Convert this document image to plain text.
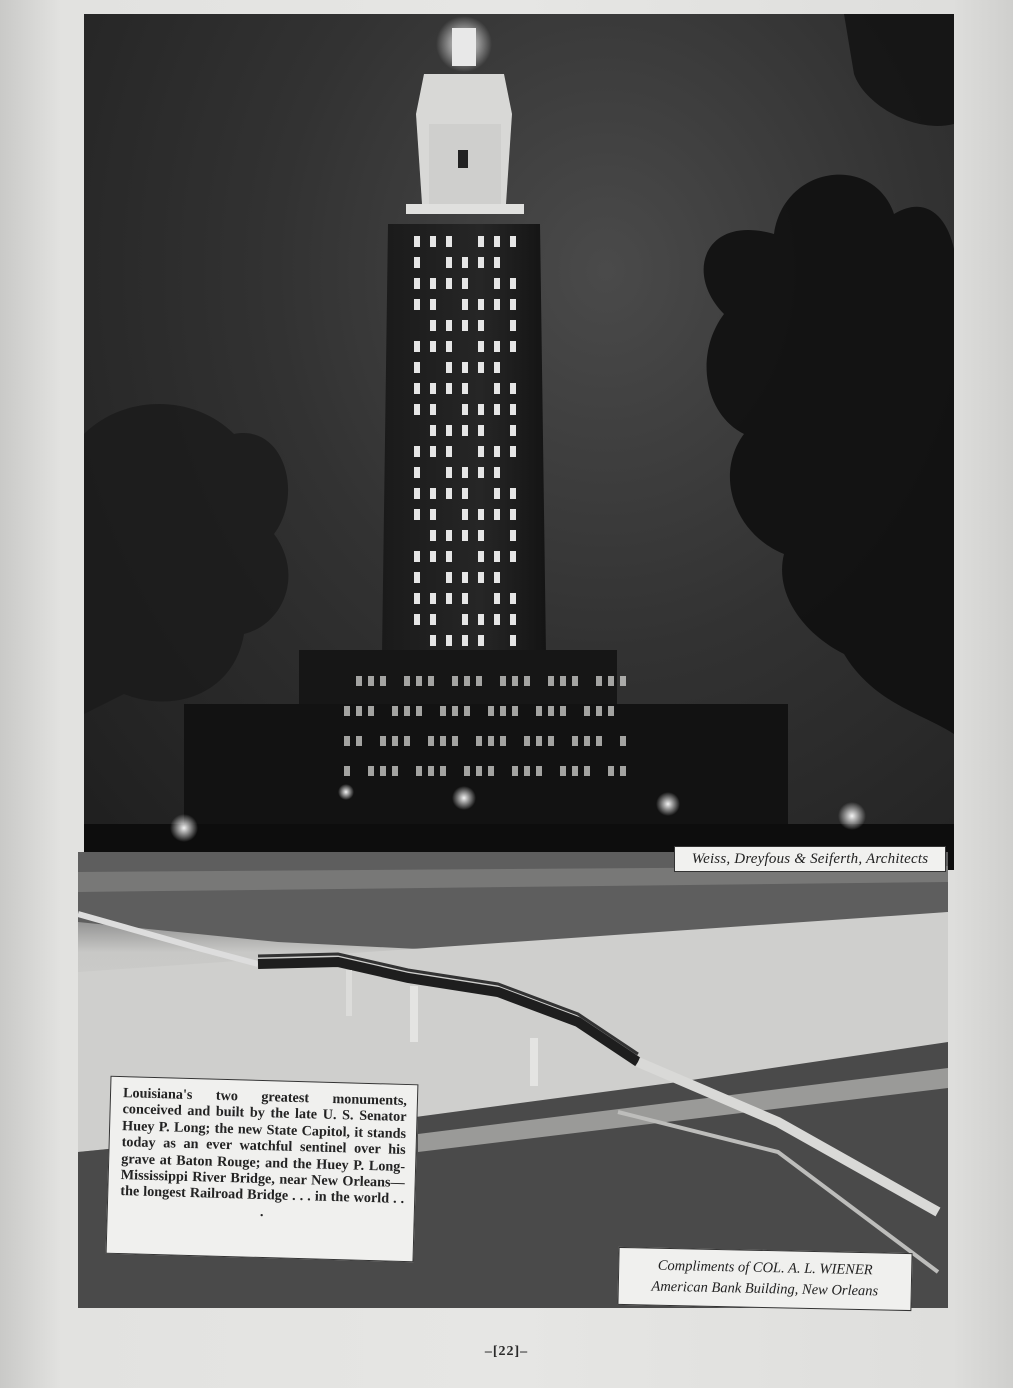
Weiss, Dreyfous & Seiferth, Architects
Louisiana's two greatest monuments, conceived and built by the late U. S. Senator Huey P. Long; the new State Capitol, it stands today as an ever watchful sentinel over his grave at Baton Rouge; and the Huey P. Long-Mississippi River Bridge, near New Orleans—the longest Railroad Bridge . . . in the world . . .
Compliments of COL. A. L. WIENER
American Bank Building, New Orleans
–[22]–
